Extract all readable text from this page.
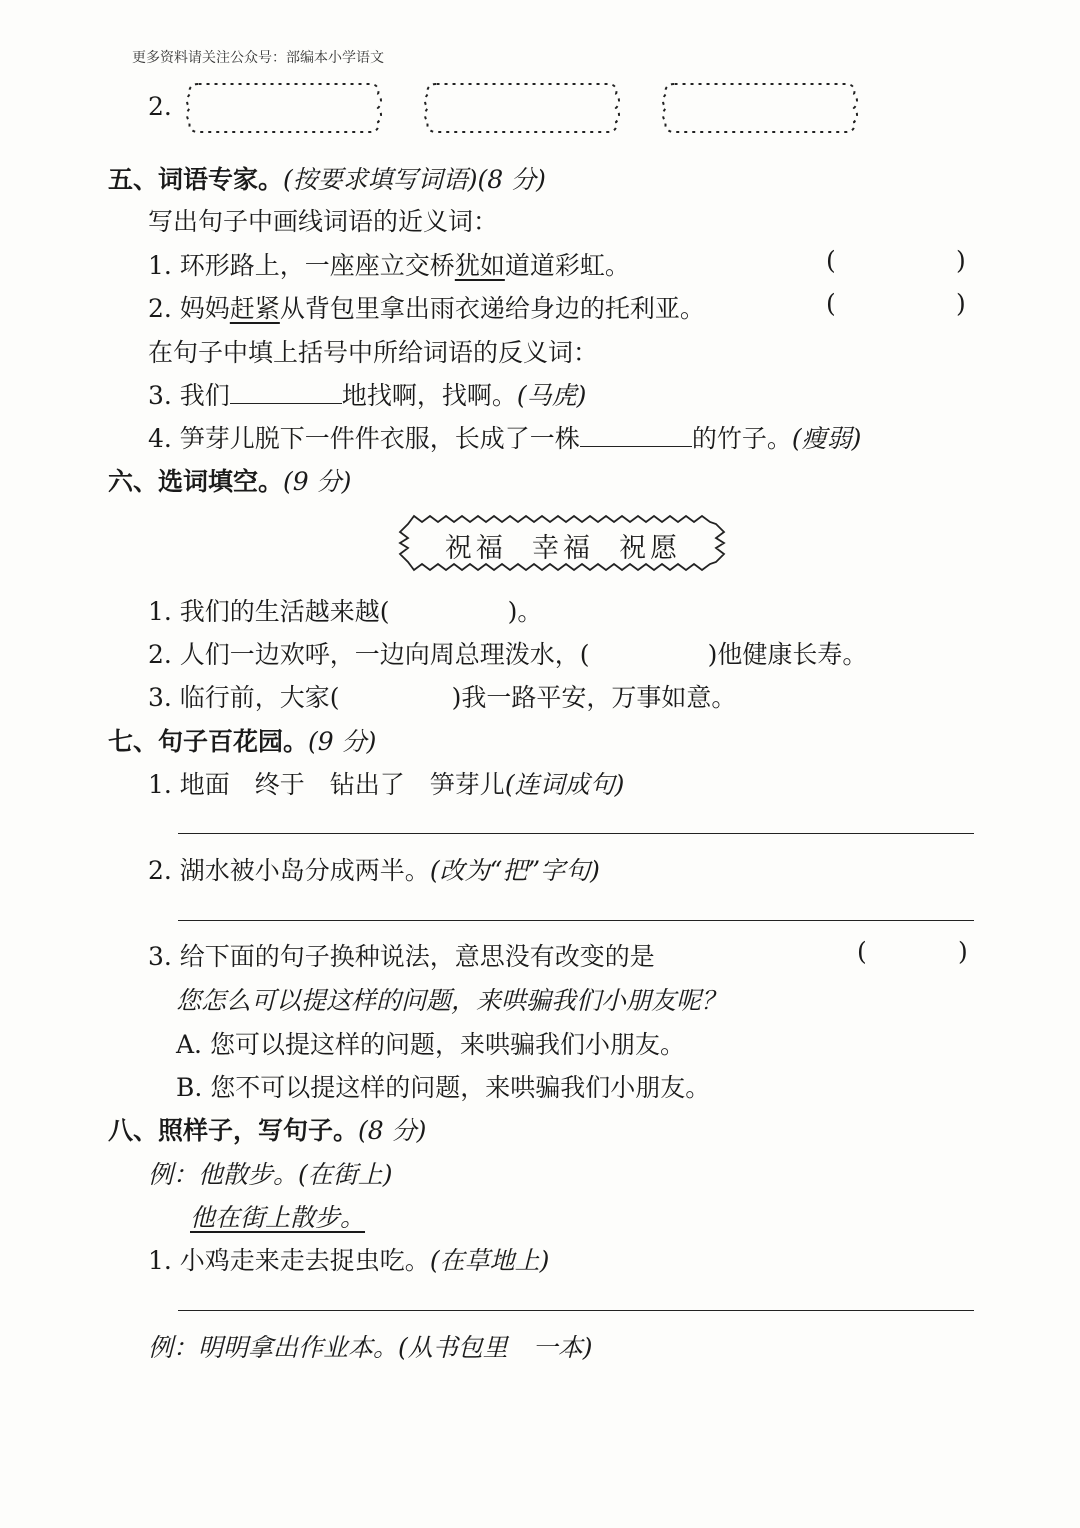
更多资料请关注公众号：部编本小学语文
2.
五、词语专家。(按要求填写词语)(8 分)
写出句子中画线词语的近义词：
1. 环形路上，一座座立交桥犹如道道彩虹。	(	)
2. 妈妈赶紧从背包里拿出雨衣递给身边的托利亚。	(	)
在句子中填上括号中所给词语的反义词：
3. 我们	地找啊，找啊。(马虎)
4. 笋芽儿脱下一件件衣服，长成了一株	的竹子。(瘦弱)
六、选词填空。(9 分)
祝福  幸福  祝愿
1. 我们的生活越来越(	)。
2. 人们一边欢呼，一边向周总理泼水，(	)他健康长寿。
3. 临行前，大家(	)我一路平安，万事如意。
七、句子百花园。(9 分)
1. 地面　终于　钻出了　笋芽儿(连词成句)
2. 湖水被小岛分成两半。(改为“把”字句)
3. 给下面的句子换种说法，意思没有改变的是	(	)
您怎么可以提这样的问题，来哄骗我们小朋友呢？
A. 您可以提这样的问题，来哄骗我们小朋友。
B. 您不可以提这样的问题，来哄骗我们小朋友。
八、照样子，写句子。(8 分)
例：他散步。(在街上)
他在街上散步。
1. 小鸡走来走去捉虫吃。(在草地上)
例：明明拿出作业本。(从书包里　一本)
